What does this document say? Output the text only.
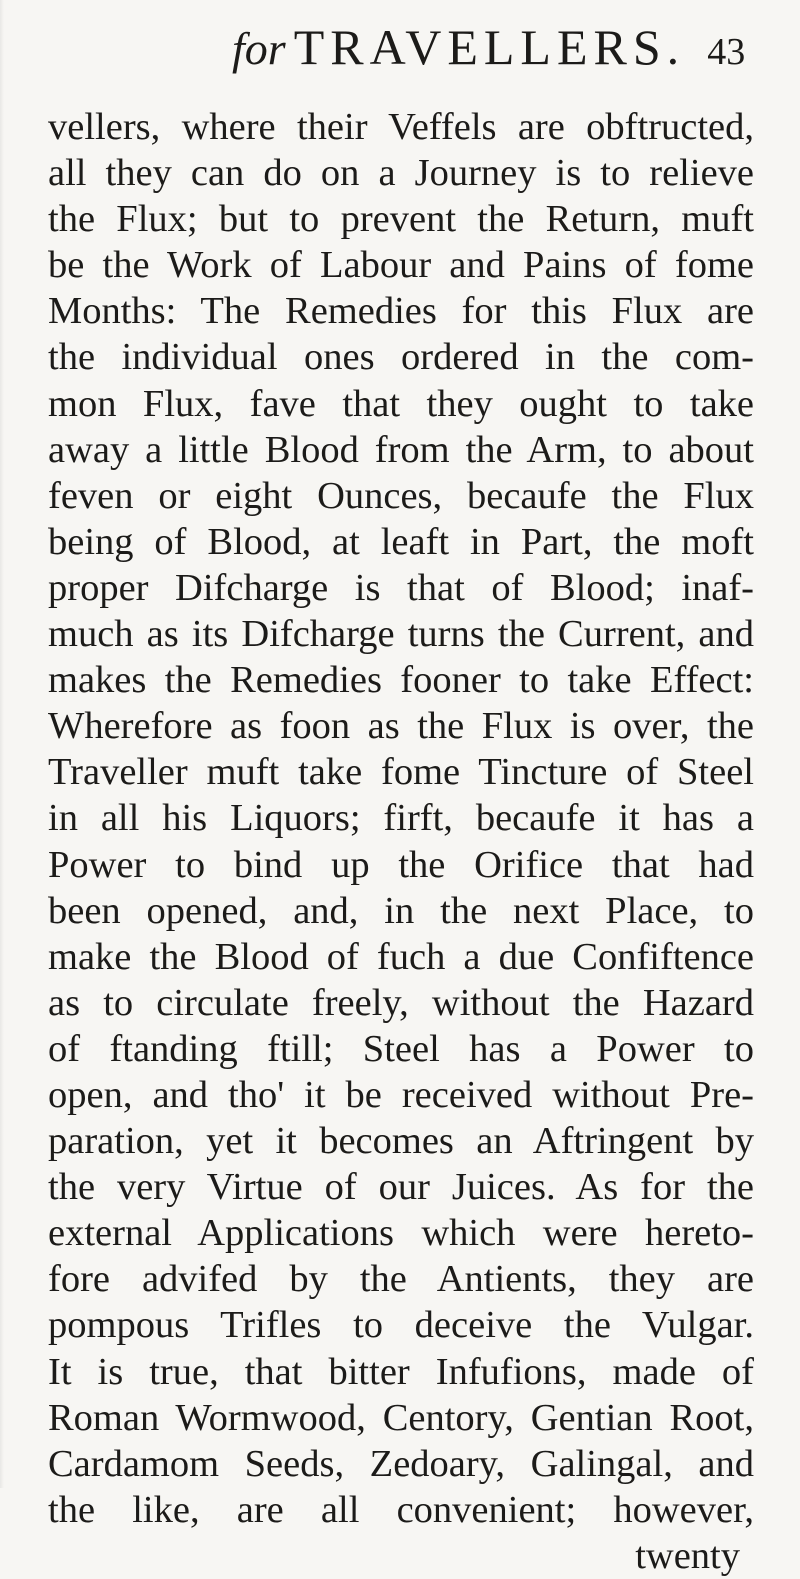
for TRAVELLERS. 43
vellers, where their Veffels are obftructed,
all they can do on a Journey is to relieve
the Flux; but to prevent the Return, muft
be the Work of Labour and Pains of fome
Months: The Remedies for this Flux are
the individual ones ordered in the com-
mon Flux, fave that they ought to take
away a little Blood from the Arm, to about
feven or eight Ounces, becaufe the Flux
being of Blood, at leaft in Part, the moft
proper Difcharge is that of Blood; inaf-
much as its Difcharge turns the Current, and
makes the Remedies fooner to take Effect:
Wherefore as foon as the Flux is over, the
Traveller muft take fome Tincture of Steel
in all his Liquors; firft, becaufe it has a
Power to bind up the Orifice that had
been opened, and, in the next Place, to
make the Blood of fuch a due Confiftence
as to circulate freely, without the Hazard
of ftanding ftill; Steel has a Power to
open, and tho' it be received without Pre-
paration, yet it becomes an Aftringent by
the very Virtue of our Juices. As for the
external Applications which were hereto-
fore advifed by the Antients, they are
pompous Trifles to deceive the Vulgar.
It is true, that bitter Infufions, made of
Roman Wormwood, Centory, Gentian Root,
Cardamom Seeds, Zedoary, Galingal, and
the like, are all convenient; however,
twenty
